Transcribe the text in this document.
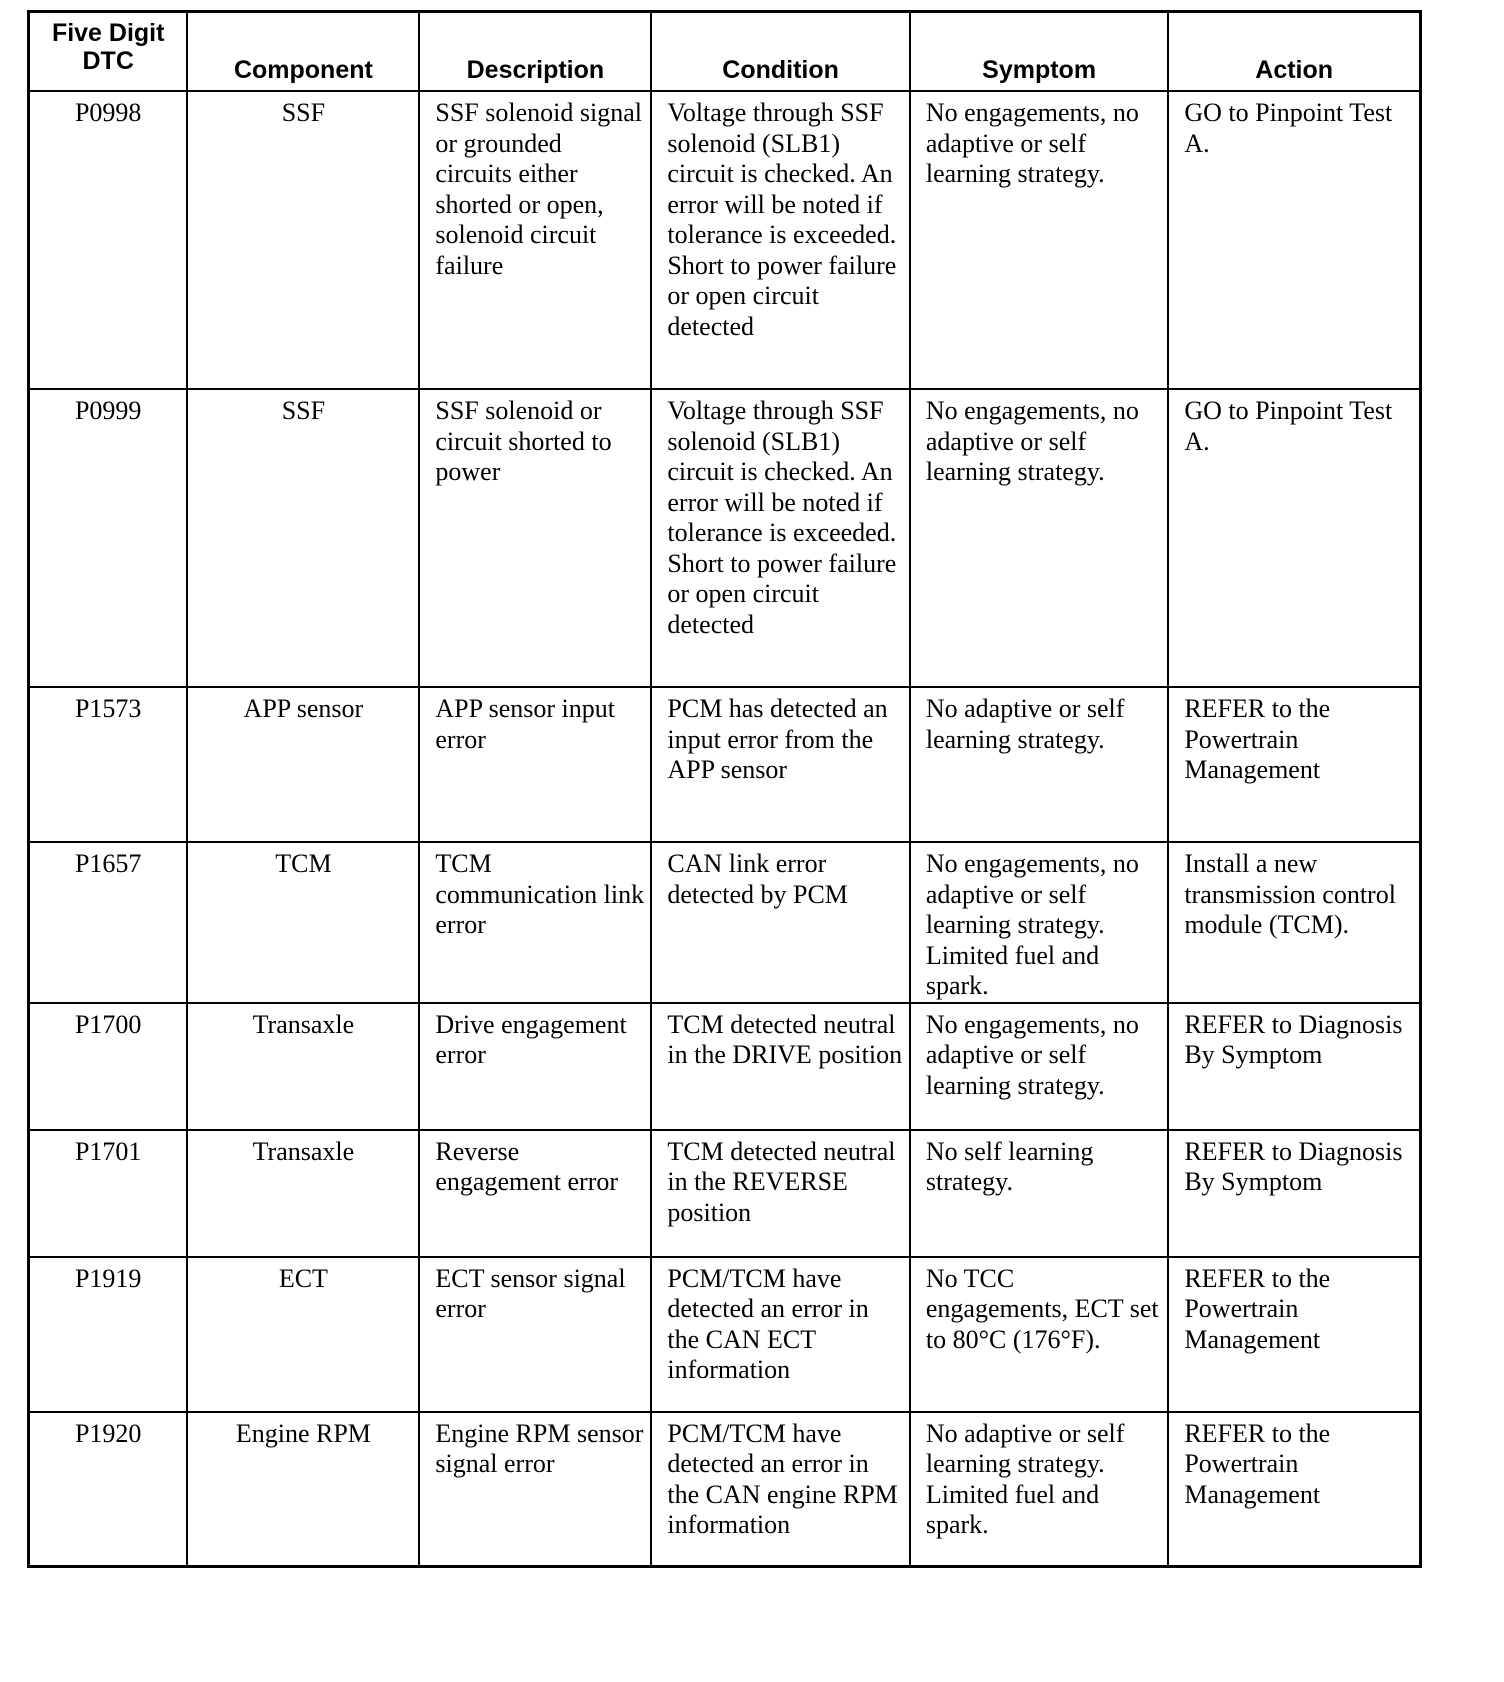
Five Digit
DTC	Component	Description	Condition	Symptom	Action
P0998	SSF	SSF solenoid signal or grounded circuits either shorted or open, solenoid circuit failure	Voltage through SSF solenoid (SLB1) circuit is checked. An error will be noted if tolerance is exceeded. Short to power failure or open circuit detected	No engagements, no adaptive or self learning strategy.	GO to Pinpoint Test A.
P0999	SSF	SSF solenoid or circuit shorted to power	Voltage through SSF solenoid (SLB1) circuit is checked. An error will be noted if tolerance is exceeded. Short to power failure or open circuit detected	No engagements, no adaptive or self learning strategy.	GO to Pinpoint Test A.
P1573	APP sensor	APP sensor input error	PCM has detected an input error from the APP sensor	No adaptive or self learning strategy.	REFER to the Powertrain Management
P1657	TCM	TCM communication link error	CAN link error detected by PCM	No engagements, no adaptive or self learning strategy. Limited fuel and spark.	Install a new transmission control module (TCM).
P1700	Transaxle	Drive engagement error	TCM detected neutral in the DRIVE position	No engagements, no adaptive or self learning strategy.	REFER to Diagnosis By Symptom
P1701	Transaxle	Reverse engagement error	TCM detected neutral in the REVERSE position	No self learning strategy.	REFER to Diagnosis By Symptom
P1919	ECT	ECT sensor signal error	PCM/TCM have detected an error in the CAN ECT information	No TCC engagements, ECT set to 80°C (176°F).	REFER to the Powertrain Management
P1920	Engine RPM	Engine RPM sensor signal error	PCM/TCM have detected an error in the CAN engine RPM information	No adaptive or self learning strategy. Limited fuel and spark.	REFER to the Powertrain Management
